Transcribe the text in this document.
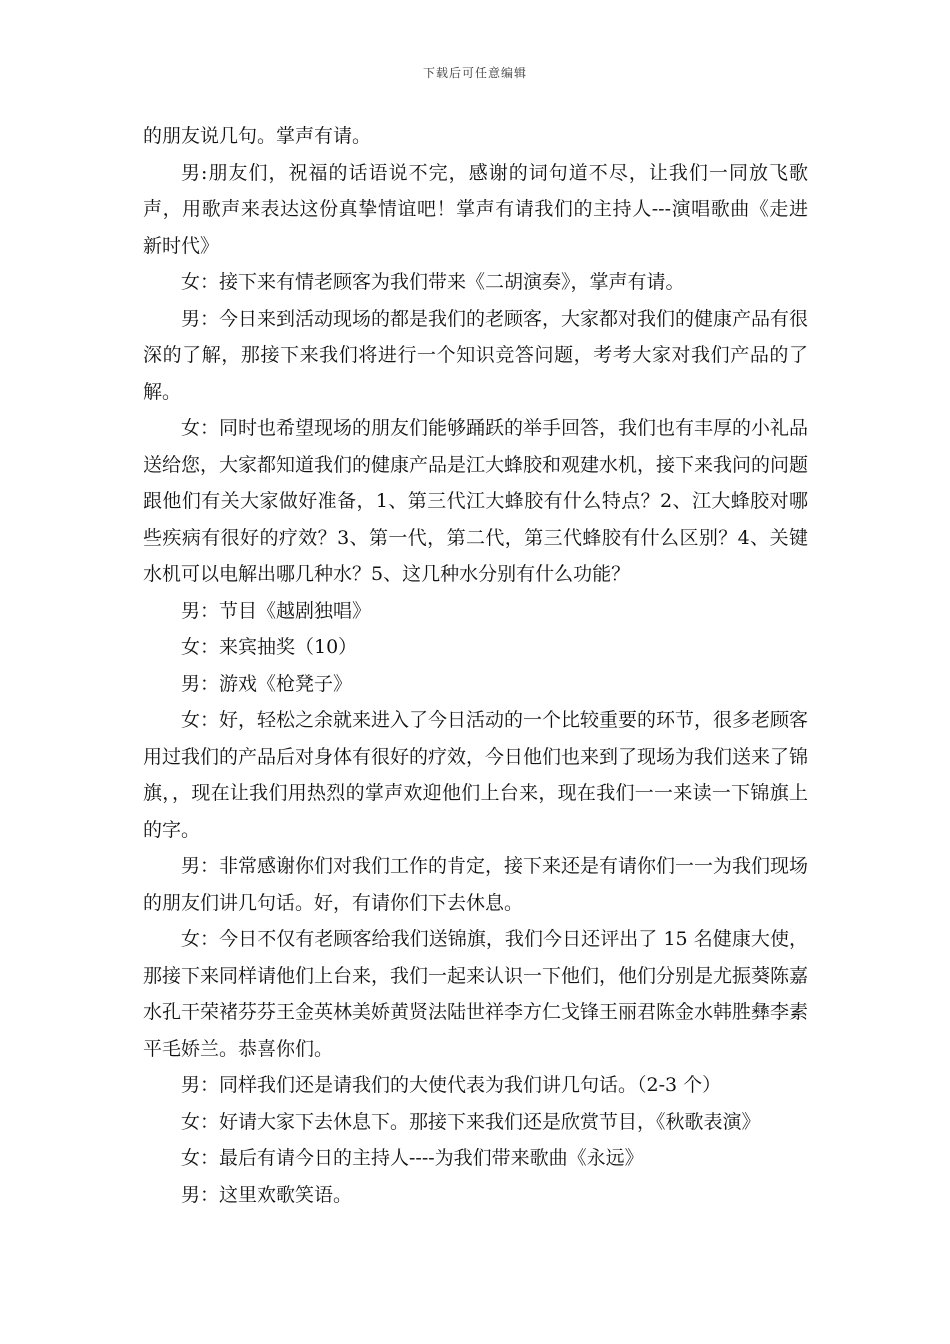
下载后可任意编辑

的朋友说几句。掌声有请。

男:朋友们，祝福的话语说不完，感谢的词句道不尽，让我们一同放飞歌声，用歌声来表达这份真挚情谊吧！掌声有请我们的主持人---演唱歌曲《走进新时代》

女：接下来有情老顾客为我们带来《二胡演奏》，掌声有请。

男：今日来到活动现场的都是我们的老顾客，大家都对我们的健康产品有很深的了解，那接下来我们将进行一个知识竞答问题，考考大家对我们产品的了解。

女：同时也希望现场的朋友们能够踊跃的举手回答，我们也有丰厚的小礼品送给您，大家都知道我们的健康产品是江大蜂胶和观建水机，接下来我问的问题跟他们有关大家做好准备，1、第三代江大蜂胶有什么特点？2、江大蜂胶对哪些疾病有很好的疗效？3、第一代，第二代，第三代蜂胶有什么区别？4、关键水机可以电解出哪几种水？5、这几种水分别有什么功能？

男：节目《越剧独唱》

女：来宾抽奖（10）

男：游戏《枪凳子》

女：好，轻松之余就来进入了今日活动的一个比较重要的环节，很多老顾客用过我们的产品后对身体有很好的疗效，今日他们也来到了现场为我们送来了锦旗，，现在让我们用热烈的掌声欢迎他们上台来，现在我们一一来读一下锦旗上的字。

男：非常感谢你们对我们工作的肯定，接下来还是有请你们一一为我们现场的朋友们讲几句话。好，有请你们下去休息。

女：今日不仅有老顾客给我们送锦旗，我们今日还评出了 15 名健康大使，那接下来同样请他们上台来，我们一起来认识一下他们，他们分别是尤振葵陈嘉水孔干荣褚芬芬王金英林美娇黄贤法陆世祥李方仁戈锋王丽君陈金水韩胜彝李素平毛娇兰。恭喜你们。

男：同样我们还是请我们的大使代表为我们讲几句话。（2-3 个）

女：好请大家下去休息下。那接下来我们还是欣赏节目，《秋歌表演》

女：最后有请今日的主持人----为我们带来歌曲《永远》

男：这里欢歌笑语。
